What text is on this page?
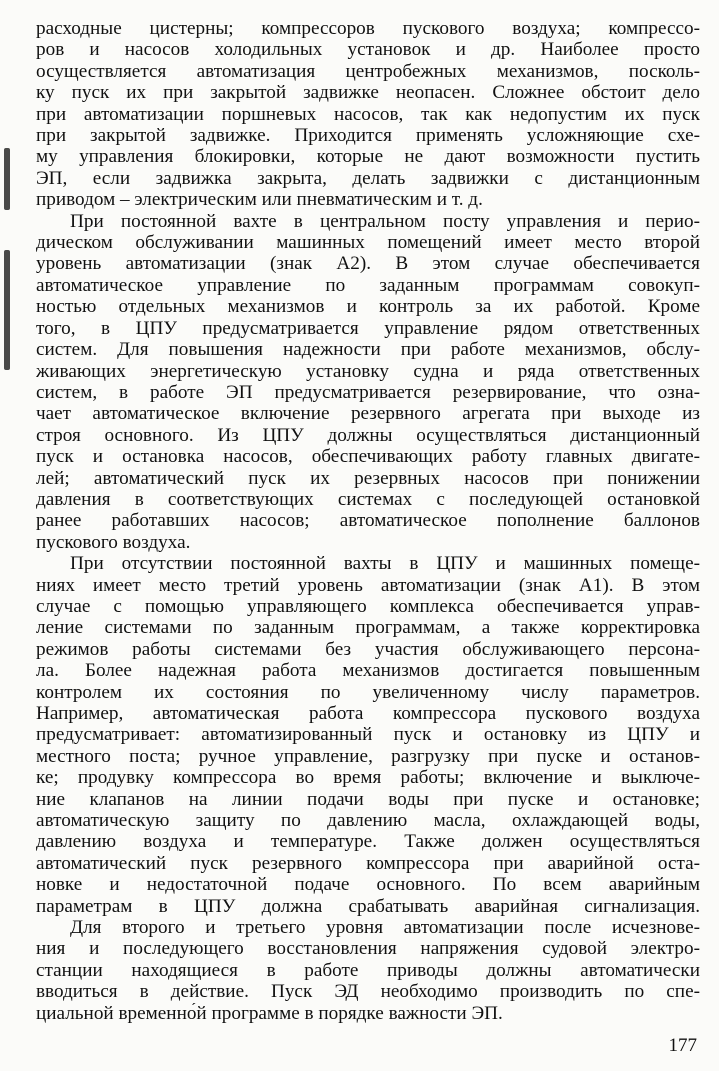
расходные цистерны; компрессоров пускового воздуха; компрессо-
ров и насосов холодильных установок и др. Наиболее просто
осуществляется автоматизация центробежных механизмов, посколь-
ку пуск их при закрытой задвижке неопасен. Сложнее обстоит дело
при автоматизации поршневых насосов, так как недопустим их пуск
при закрытой задвижке. Приходится применять усложняющие схе-
му управления блокировки, которые не дают возможности пустить
ЭП, если задвижка закрыта, делать задвижки с дистанционным
приводом – электрическим или пневматическим и т. д.
При постоянной вахте в центральном посту управления и перио-
дическом обслуживании машинных помещений имеет место второй
уровень автоматизации (знак А2). В этом случае обеспечивается
автоматическое управление по заданным программам совокуп-
ностью отдельных механизмов и контроль за их работой. Кроме
того, в ЦПУ предусматривается управление рядом ответственных
систем. Для повышения надежности при работе механизмов, обслу-
живающих энергетическую установку судна и ряда ответственных
систем, в работе ЭП предусматривается резервирование, что озна-
чает автоматическое включение резервного агрегата при выходе из
строя основного. Из ЦПУ должны осуществляться дистанционный
пуск и остановка насосов, обеспечивающих работу главных двигате-
лей; автоматический пуск их резервных насосов при понижении
давления в соответствующих системах с последующей остановкой
ранее работавших насосов; автоматическое пополнение баллонов
пускового воздуха.
При отсутствии постоянной вахты в ЦПУ и машинных помеще-
ниях имеет место третий уровень автоматизации (знак А1). В этом
случае с помощью управляющего комплекса обеспечивается управ-
ление системами по заданным программам, а также корректировка
режимов работы системами без участия обслуживающего персона-
ла. Более надежная работа механизмов достигается повышенным
контролем их состояния по увеличенному числу параметров.
Например, автоматическая работа компрессора пускового воздуха
предусматривает: автоматизированный пуск и остановку из ЦПУ и
местного поста; ручное управление, разгрузку при пуске и останов-
ке; продувку компрессора во время работы; включение и выключе-
ние клапанов на линии подачи воды при пуске и остановке;
автоматическую защиту по давлению масла, охлаждающей воды,
давлению воздуха и температуре. Также должен осуществляться
автоматический пуск резервного компрессора при аварийной оста-
новке и недостаточной подаче основного. По всем аварийным
параметрам в ЦПУ должна срабатывать аварийная сигнализация.
Для второго и третьего уровня автоматизации после исчезнове-
ния и последующего восстановления напряжения судовой электро-
станции находящиеся в работе приводы должны автоматически
вводиться в действие. Пуск ЭД необходимо производить по спе-
циальной временно́й программе в порядке важности ЭП.
177
